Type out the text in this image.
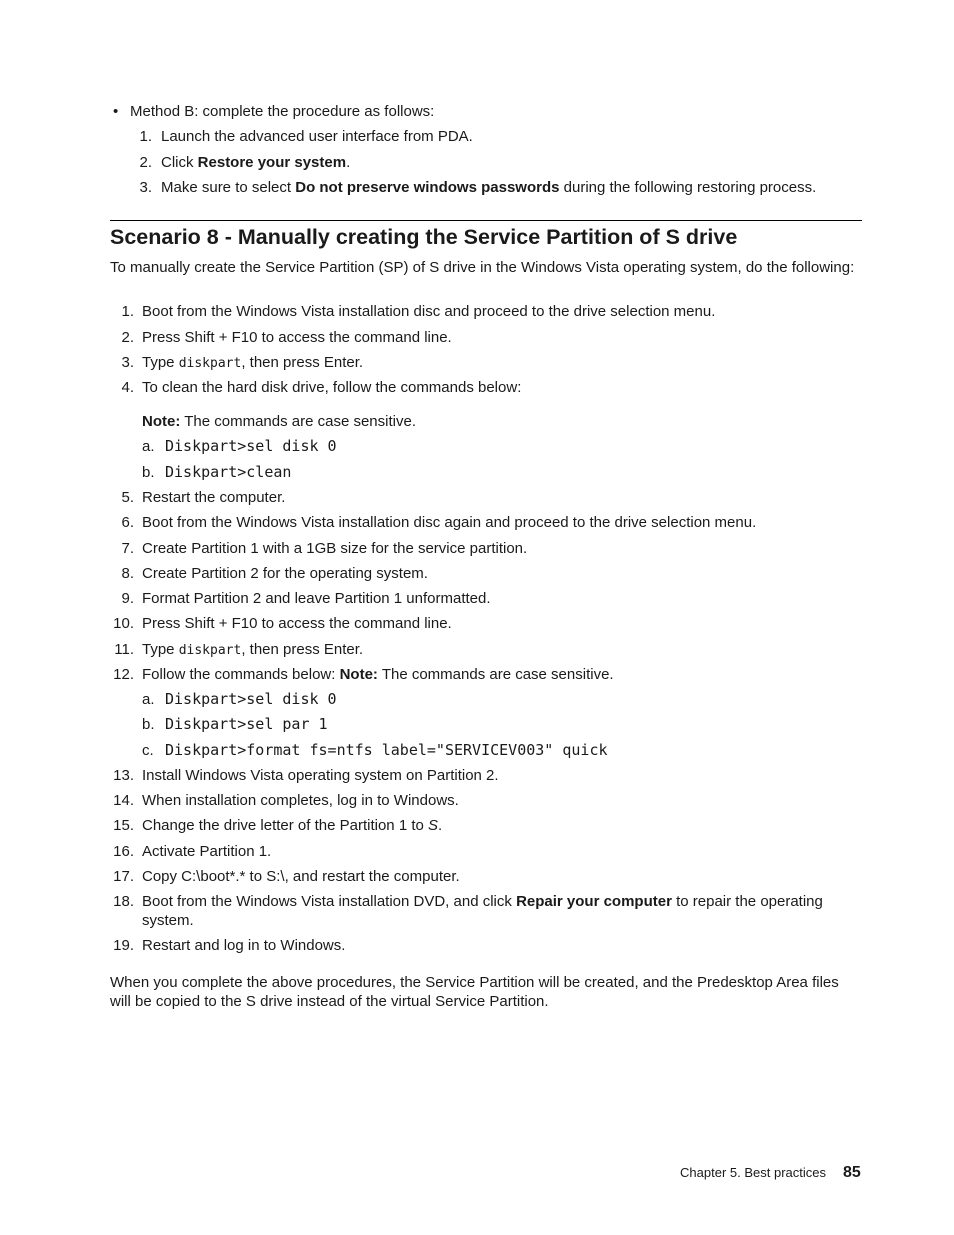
• Method B: complete the procedure as follows:
1. Launch the advanced user interface from PDA.
2. Click Restore your system.
3. Make sure to select Do not preserve windows passwords during the following restoring process.
Scenario 8 - Manually creating the Service Partition of S drive
To manually create the Service Partition (SP) of S drive in the Windows Vista operating system, do the following:
1. Boot from the Windows Vista installation disc and proceed to the drive selection menu.
2. Press Shift + F10 to access the command line.
3. Type diskpart, then press Enter.
4. To clean the hard disk drive, follow the commands below:
Note: The commands are case sensitive.
a. Diskpart>sel disk 0
b. Diskpart>clean
5. Restart the computer.
6. Boot from the Windows Vista installation disc again and proceed to the drive selection menu.
7. Create Partition 1 with a 1GB size for the service partition.
8. Create Partition 2 for the operating system.
9. Format Partition 2 and leave Partition 1 unformatted.
10. Press Shift + F10 to access the command line.
11. Type diskpart, then press Enter.
12. Follow the commands below: Note: The commands are case sensitive.
a. Diskpart>sel disk 0
b. Diskpart>sel par 1
c. Diskpart>format fs=ntfs label="SERVICEV003" quick
13. Install Windows Vista operating system on Partition 2.
14. When installation completes, log in to Windows.
15. Change the drive letter of the Partition 1 to S.
16. Activate Partition 1.
17. Copy C:\boot*.* to S:\, and restart the computer.
18. Boot from the Windows Vista installation DVD, and click Repair your computer to repair the operating system.
19. Restart and log in to Windows.
When you complete the above procedures, the Service Partition will be created, and the Predesktop Area files will be copied to the S drive instead of the virtual Service Partition.
Chapter 5. Best practices 85
